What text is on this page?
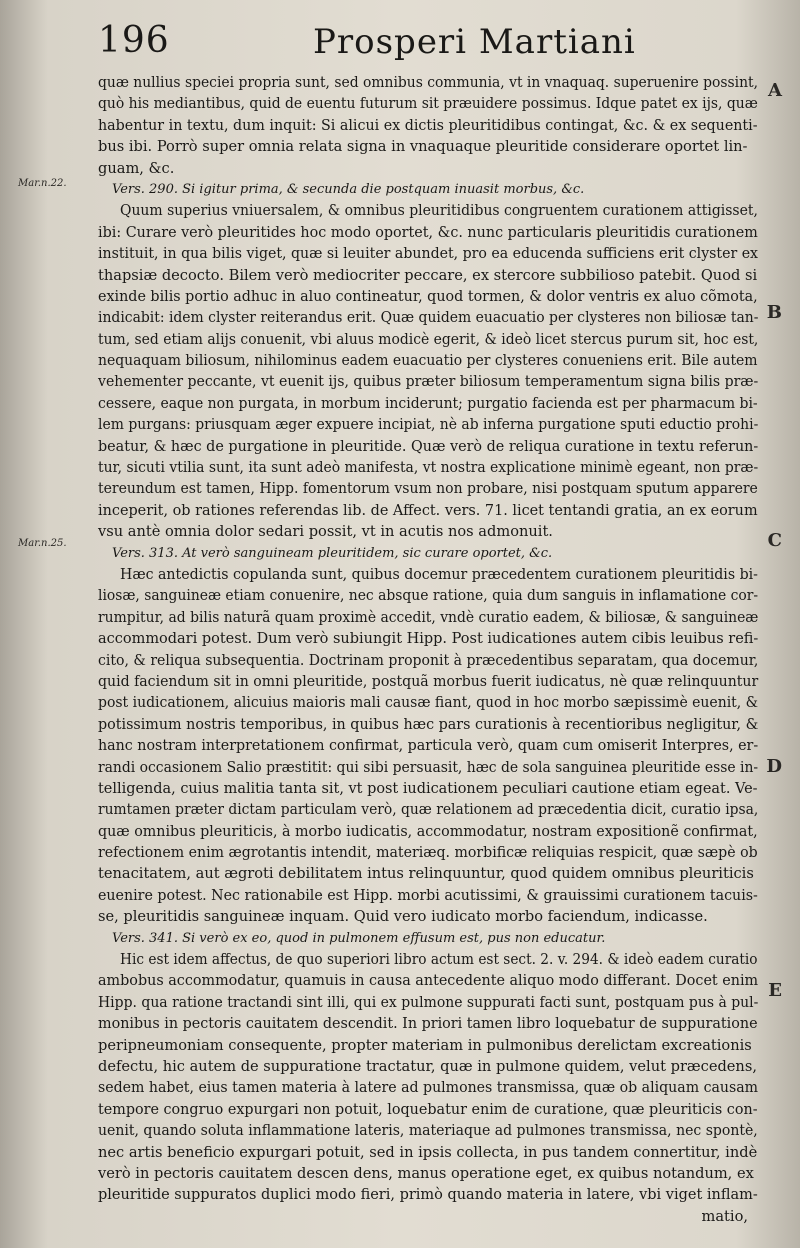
196	Prosperi Martiani
Mar.n.22.
Mar.n.25.
A
B
C
D
E
quæ nullius speciei propria sunt, sed omnibus communia, vt in vnaquaq. superuenire possint,
quò his mediantibus, quid de euentu futurum sit præuidere possimus. Idque patet ex ijs, quæ
habentur in textu, dum inquit: Si alicui ex dictis pleuritidibus contingat, &c. & ex sequenti-
bus ibi. Porrò super omnia relata signa in vnaquaque pleuritide considerare oportet lin-
guam, &c.
Vers. 290. Si igitur prima, & secunda die postquam inuasit morbus, &c.
Quum superius vniuersalem, & omnibus pleuritidibus congruentem curationem attigisset,
ibi: Curare verò pleuritides hoc modo oportet, &c. nunc particularis pleuritidis curationem
instituit, in qua bilis viget, quæ si leuiter abundet, pro ea educenda sufficiens erit clyster ex
thapsiæ decocto. Bilem verò mediocriter peccare, ex stercore subbilioso patebit. Quod si
exinde bilis portio adhuc in aluo contineatur, quod tormen, & dolor ventris ex aluo cõmota,
indicabit: idem clyster reiterandus erit. Quæ quidem euacuatio per clysteres non biliosæ tan-
tum, sed etiam alijs conuenit, vbi aluus modicè egerit, & ideò licet stercus purum sit, hoc est,
nequaquam biliosum, nihilominus eadem euacuatio per clysteres conueniens erit. Bile autem
vehementer peccante, vt euenit ijs, quibus præter biliosum temperamentum signa bilis præ-
cessere, eaque non purgata, in morbum inciderunt; purgatio facienda est per pharmacum bi-
lem purgans: priusquam æger expuere incipiat, nè ab inferna purgatione sputi eductio prohi-
beatur, & hæc de purgatione in pleuritide. Quæ verò de reliqua curatione in textu referun-
tur, sicuti vtilia sunt, ita sunt adeò manifesta, vt nostra explicatione minimè egeant, non præ-
tereundum est tamen, Hipp. fomentorum vsum non probare, nisi postquam sputum apparere
inceperit, ob rationes referendas lib. de Affect. vers. 71. licet tentandi gratia, an ex eorum
vsu antè omnia dolor sedari possit, vt in acutis nos admonuit.
Vers. 313. At verò sanguineam pleuritidem, sic curare oportet, &c.
Hæc antedictis copulanda sunt, quibus docemur præcedentem curationem pleuritidis bi-
liosæ, sanguineæ etiam conuenire, nec absque ratione, quia dum sanguis in inflamatione cor-
rumpitur, ad bilis naturã quam proximè accedit, vndè curatio eadem, & biliosæ, & sanguineæ
accommodari potest. Dum verò subiungit Hipp. Post iudicationes autem cibis leuibus refi-
cito, & reliqua subsequentia. Doctrinam proponit à præcedentibus separatam, qua docemur,
quid faciendum sit in omni pleuritide, postquã morbus fuerit iudicatus, nè quæ relinquuntur
post iudicationem, alicuius maioris mali causæ fiant, quod in hoc morbo sæpissimè euenit, &
potissimum nostris temporibus, in quibus hæc pars curationis à recentioribus negligitur, &
hanc nostram interpretationem confirmat, particula verò, quam cum omiserit Interpres, er-
randi occasionem Salio præstitit: qui sibi persuasit, hæc de sola sanguinea pleuritide esse in-
telligenda, cuius malitia tanta sit, vt post iudicationem peculiari cautione etiam egeat. Ve-
rumtamen præter dictam particulam verò, quæ relationem ad præcedentia dicit, curatio ipsa,
quæ omnibus pleuriticis, à morbo iudicatis, accommodatur, nostram expositionẽ confirmat,
refectionem enim ægrotantis intendit, materiæq. morbificæ reliquias respicit, quæ sæpè ob
tenacitatem, aut ægroti debilitatem intus relinquuntur, quod quidem omnibus pleuriticis
euenire potest. Nec rationabile est Hipp. morbi acutissimi, & grauissimi curationem tacuis-
se, pleuritidis sanguineæ inquam. Quid vero iudicato morbo faciendum, indicasse.
Vers. 341. Si verò ex eo, quod in pulmonem effusum est, pus non educatur.
Hic est idem affectus, de quo superiori libro actum est sect. 2. v. 294. & ideò eadem curatio
ambobus accommodatur, quamuis in causa antecedente aliquo modo differant. Docet enim
Hipp. qua ratione tractandi sint illi, qui ex pulmone suppurati facti sunt, postquam pus à pul-
monibus in pectoris cauitatem descendit. In priori tamen libro loquebatur de suppuratione
peripneumoniam consequente, propter materiam in pulmonibus derelictam excreationis
defectu, hic autem de suppuratione tractatur, quæ in pulmone quidem, velut præcedens,
sedem habet, eius tamen materia à latere ad pulmones transmissa, quæ ob aliquam causam
tempore congruo expurgari non potuit, loquebatur enim de curatione, quæ pleuriticis con-
uenit, quando soluta inflammatione lateris, materiaque ad pulmones transmissa, nec spontè,
nec artis beneficio expurgari potuit, sed in ipsis collecta, in pus tandem connertitur, indè
verò in pectoris cauitatem descen dens, manus operatione eget, ex quibus notandum, ex
pleuritide suppuratos duplici modo fieri, primò quando materia in latere, vbi viget inflam-
matio,
